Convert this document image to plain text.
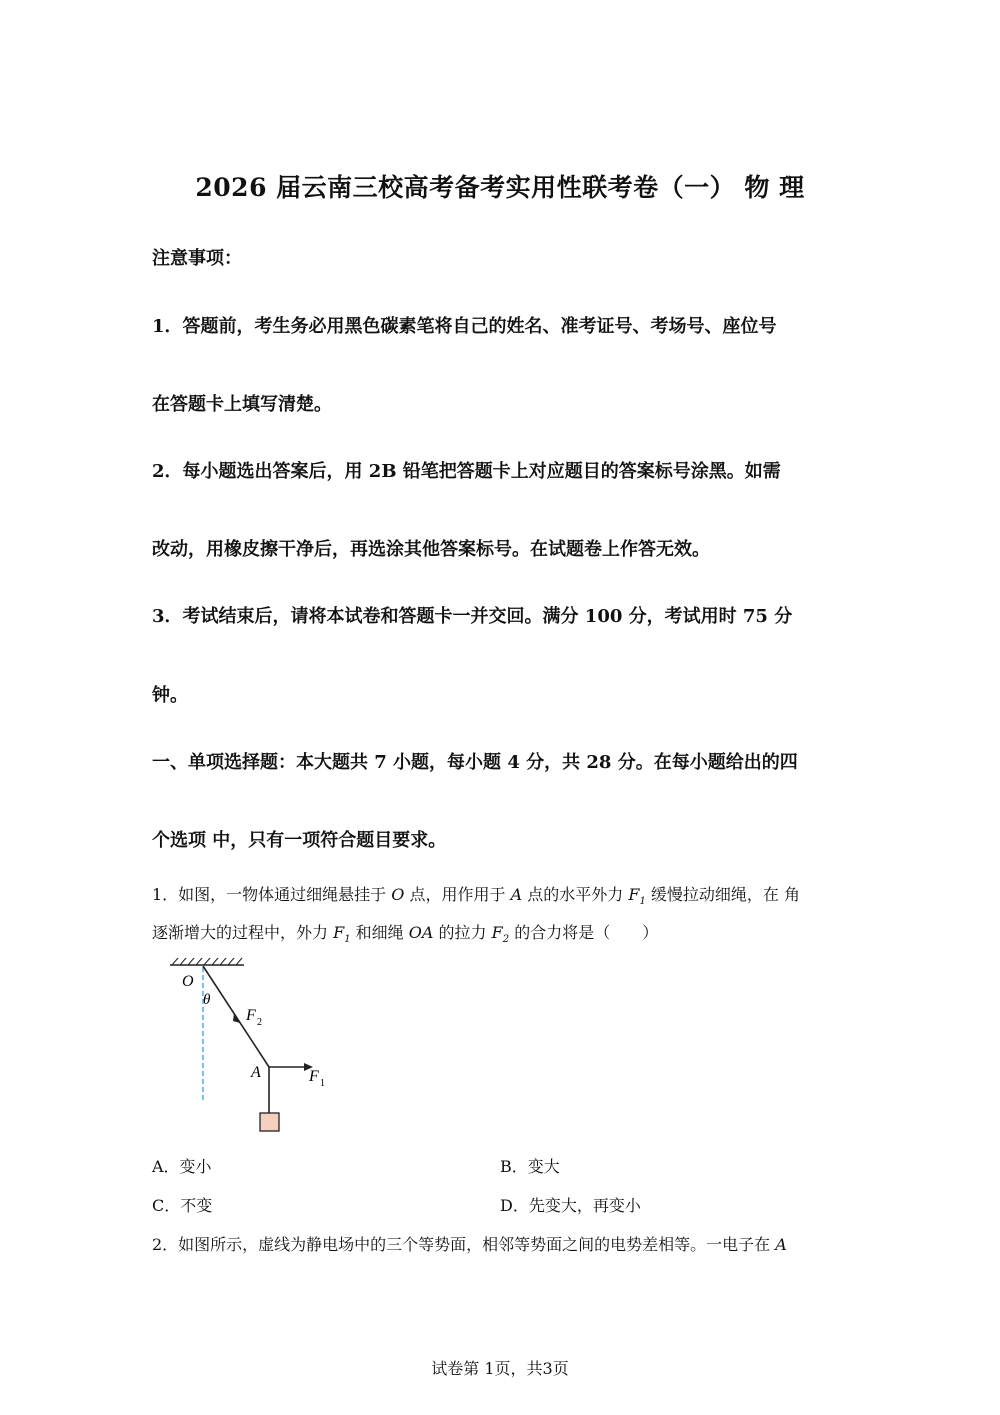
2026 届云南三校高考备考实用性联考卷（一） 物 理
注意事项：
1．答题前，考生务必用黑色碳素笔将自己的姓名、准考证号、考场号、座位号
在答题卡上填写清楚。
2．每小题选出答案后，用 2B 铅笔把答题卡上对应题目的答案标号涂黑。如需
改动，用橡皮擦干净后，再选涂其他答案标号。在试题卷上作答无效。
3．考试结束后，请将本试卷和答题卡一并交回。满分 100 分，考试用时 75 分
钟。
一、单项选择题：本大题共 7 小题，每小题 4 分，共 28 分。在每小题给出的四
个选项 中，只有一项符合题目要求。
1．如图，一物体通过细绳悬挂于 O 点，用作用于 A 点的水平外力 $F_1$ 缓慢拉动细绳，在 角
逐渐增大的过程中，外力 $F_1$ 和细绳 OA 的拉力 $F_2$ 的合力将是（　　）
O
θ
F 2
A	F 1
A．变小	B．变大
C．不变	D．先变大，再变小
2．如图所示，虚线为静电场中的三个等势面，相邻等势面之间的电势差相等。一电子在 A
试卷第 1页，共3页
